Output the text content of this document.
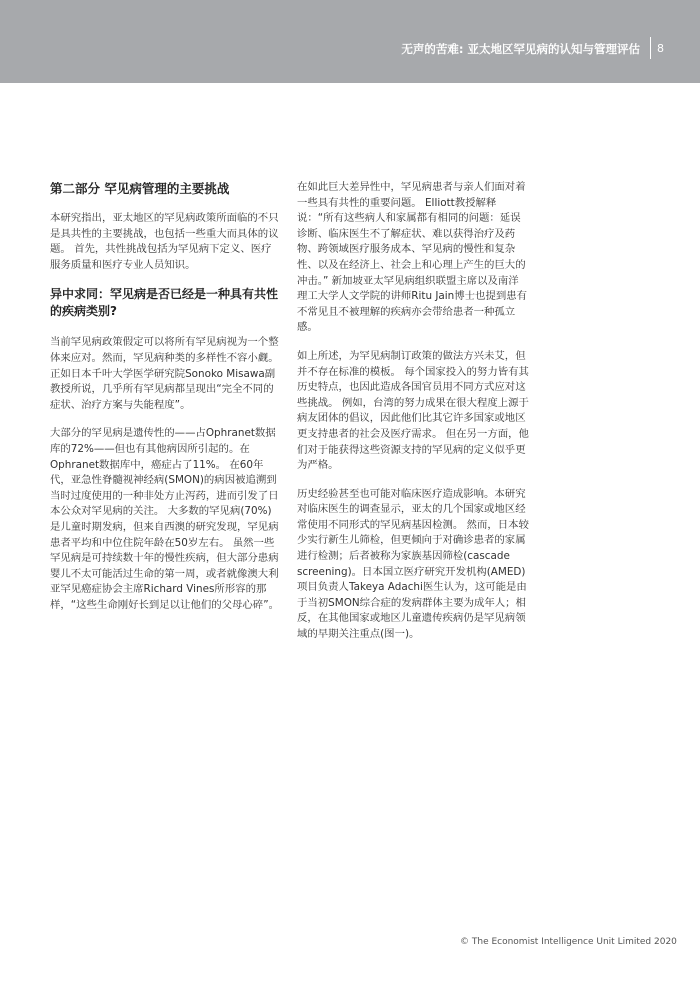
无声的苦难: 亚太地区罕见病的认知与管理评估 8
第二部分 罕见病管理的主要挑战

本研究指出，亚太地区的罕见病政策所面临的不只是具共性的主要挑战，也包括一些重大而具体的议题。 首先，共性挑战包括为罕见病下定义、医疗服务质量和医疗专业人员知识。

异中求同：罕见病是否已经是一种具有共性的疾病类别?

当前罕见病政策假定可以将所有罕见病视为一个整体来应对。然而，罕见病种类的多样性不容小觑。 正如日本千叶大学医学研究院Sonoko Misawa副教授所说，几乎所有罕见病都呈现出“完全不同的症状、治疗方案与失能程度”。

大部分的罕见病是遗传性的——占Ophranet数据库的72%——但也有其他病因所引起的。在Ophranet数据库中，癌症占了11%。 在60年代，亚急性脊髓视神经病(SMON)的病因被追溯到当时过度使用的一种非处方止泻药，进而引发了日本公众对罕见病的关注。 大多数的罕见病(70%)是儿童时期发病，但来自西澳的研究发现，罕见病患者平均和中位住院年龄在50岁左右。 虽然一些罕见病是可持续数十年的慢性疾病，但大部分患病婴儿不太可能活过生命的第一周，或者就像澳大利亚罕见癌症协会主席Richard Vines所形容的那样，“这些生命刚好长到足以让他们的父母心碎”。

在如此巨大差异性中，罕见病患者与亲人们面对着一些具有共性的重要问题。 Elliott教授解释说：“所有这些病人和家属都有相同的问题：延误诊断、临床医生不了解症状、难以获得治疗及药物、跨领域医疗服务成本、罕见病的慢性和复杂性、以及在经济上、社会上和心理上产生的巨大的冲击。” 新加坡亚太罕见病组织联盟主席以及南洋理工大学人文学院的讲师Ritu Jain博士也提到患有不常见且不被理解的疾病亦会带给患者一种孤立感。

如上所述，为罕见病制订政策的做法方兴未艾，但并不存在标准的模板。 每个国家投入的努力皆有其历史特点，也因此造成各国官员用不同方式应对这些挑战。 例如，台湾的努力成果在很大程度上源于病友团体的倡议，因此他们比其它许多国家或地区更支持患者的社会及医疗需求。 但在另一方面，他们对于能获得这些资源支持的罕见病的定义似乎更为严格。

历史经验甚至也可能对临床医疗造成影响。本研究对临床医生的调查显示，亚太的几个国家或地区经常使用不同形式的罕见病基因检测。 然而，日本较少实行新生儿筛检，但更倾向于对确诊患者的家属进行检测；后者被称为家族基因筛检(cascade screening)。日本国立医疗研究开发机构(AMED)项目负责人Takeya Adachi医生认为，这可能是由于当初SMON综合症的发病群体主要为成年人；相反，在其他国家或地区儿童遗传疾病仍是罕见病领域的早期关注重点(图一)。

© The Economist Intelligence Unit Limited 2020
